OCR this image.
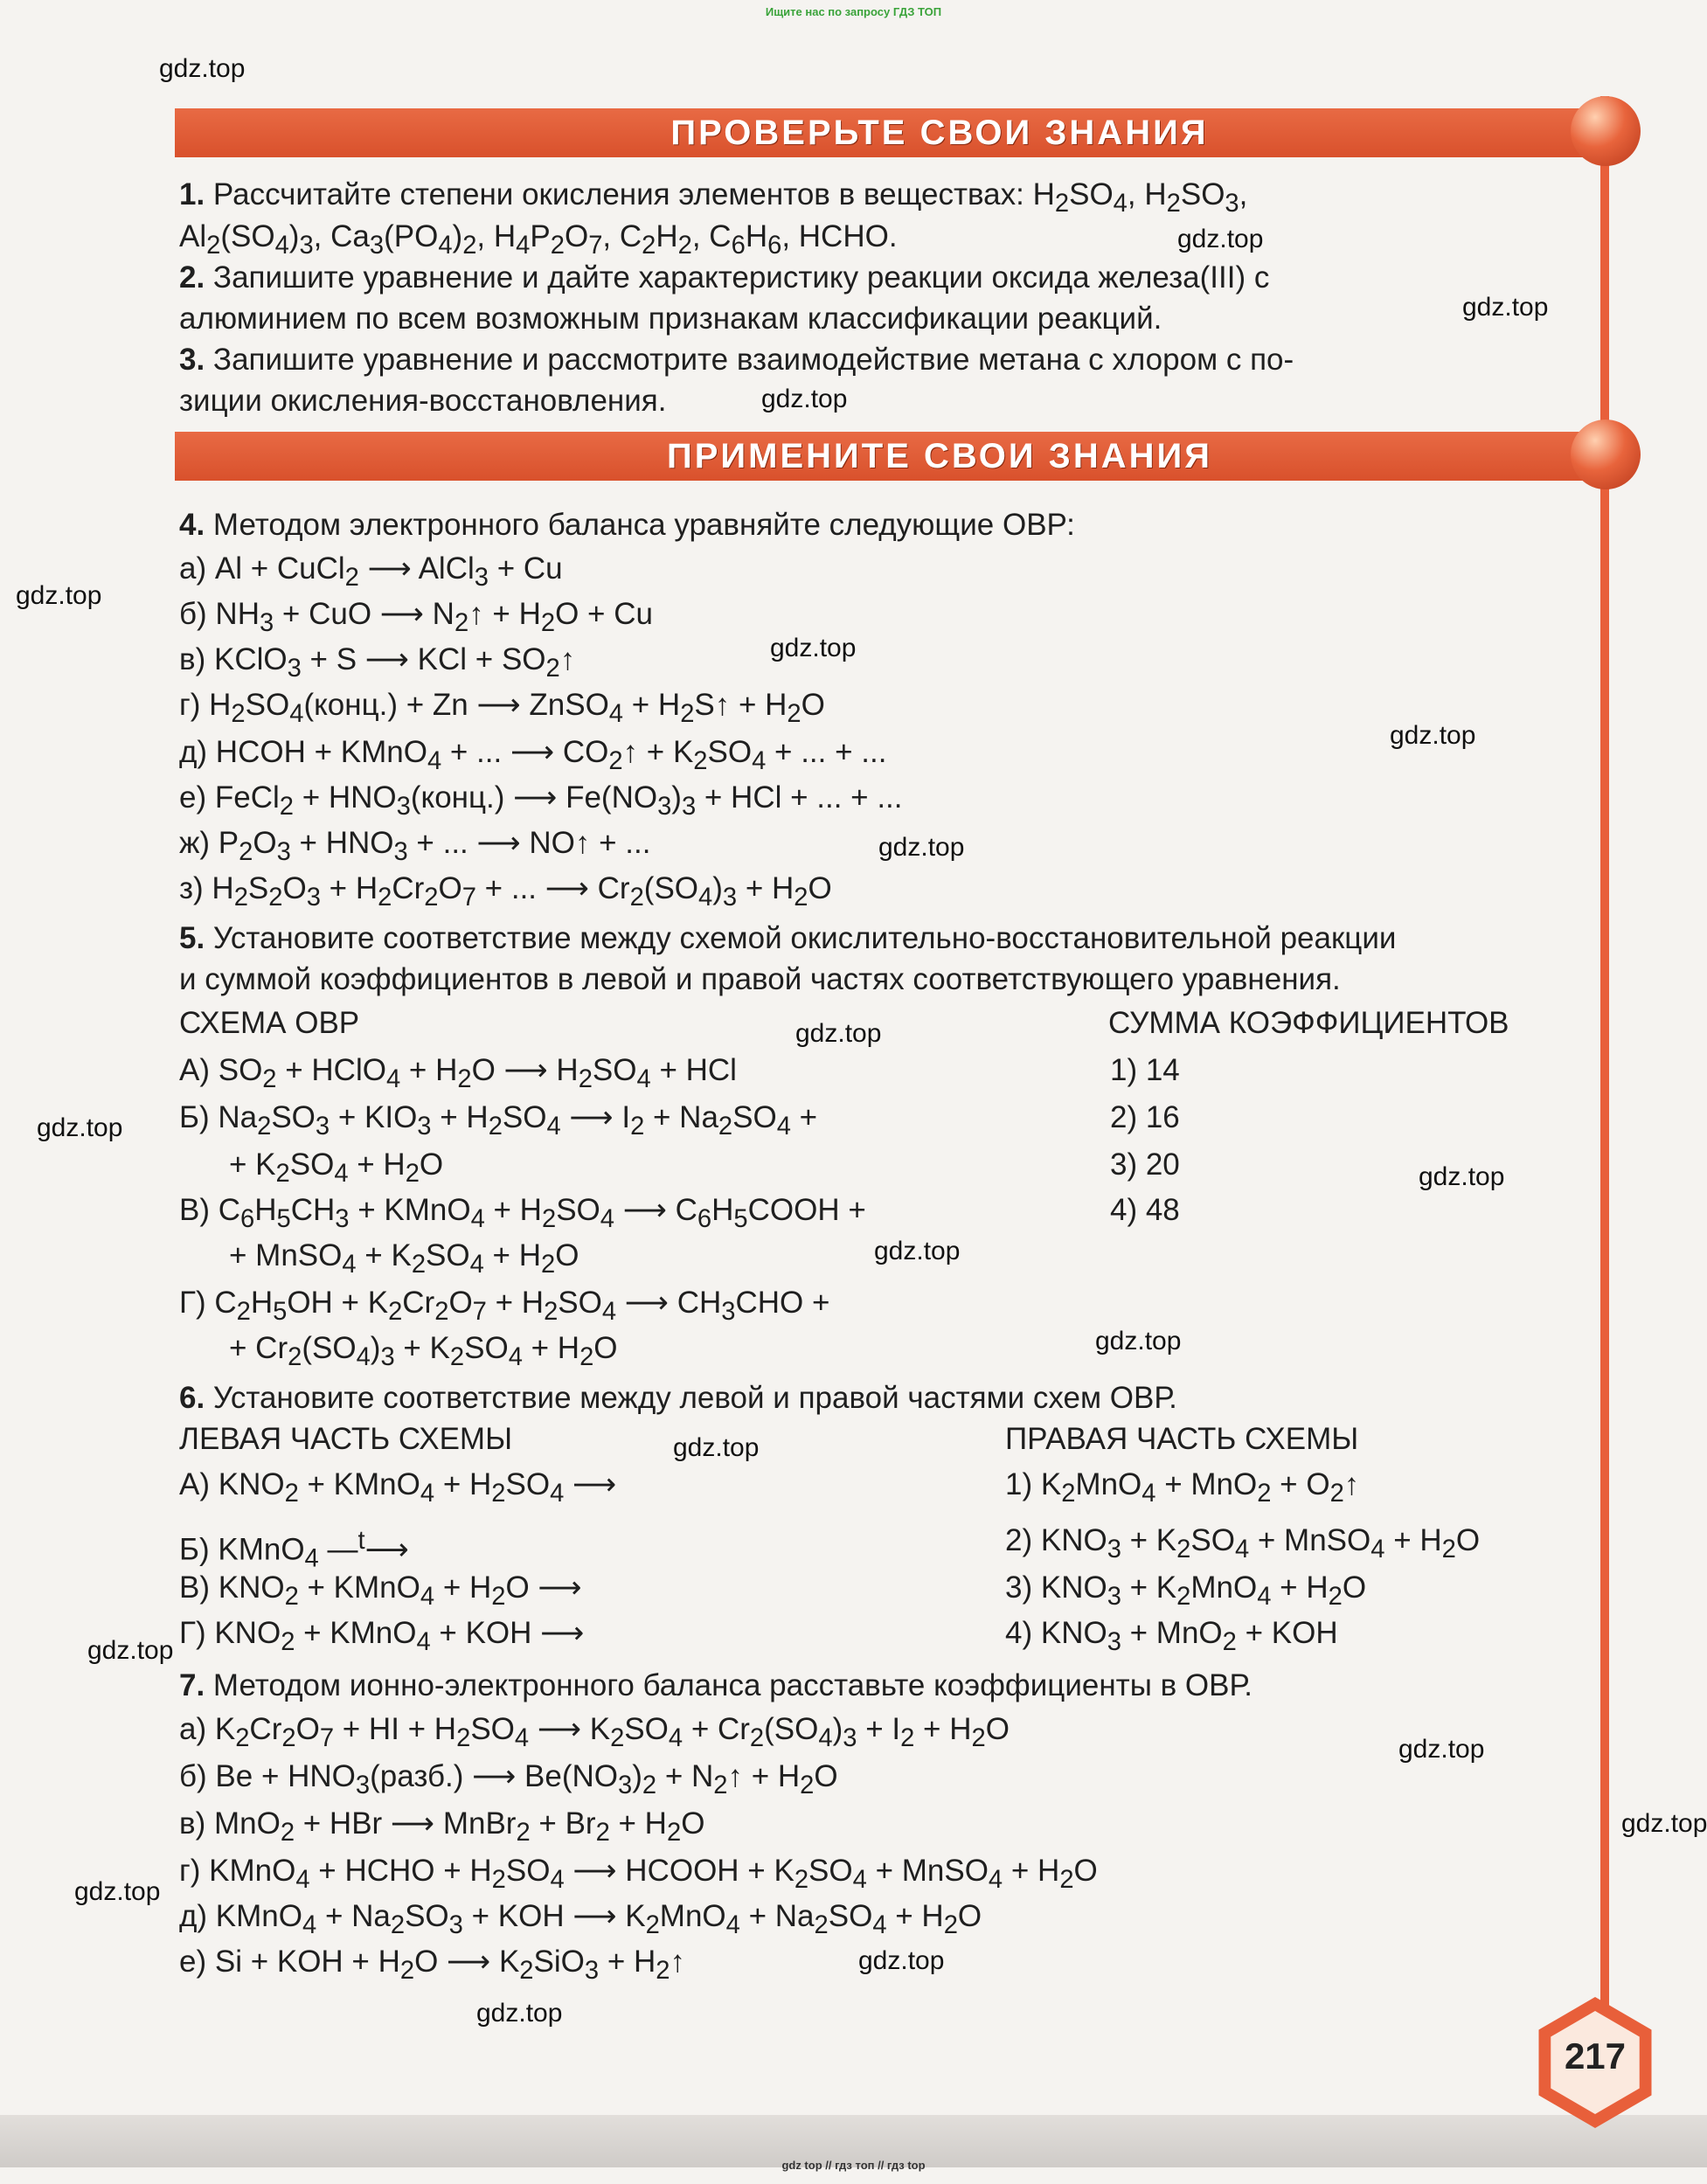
Ищите нас по запросу ГДЗ ТОП
ПРОВЕРЬТЕ СВОИ ЗНАНИЯ
ПРИМЕНИТЕ СВОИ ЗНАНИЯ
1. Рассчитайте степени окисления элементов в веществах: $H_2SO_4$, $H_2SO_3$,
$Al_2(SO_4)_3$, $Ca_3(PO_4)_2$, $H_4P_2O_7$, $C_2H_2$, $C_6H_6$, HCHO.
2. Запишите уравнение и дайте характеристику реакции оксида железа(III) с
алюминием по всем возможным признакам классификации реакций.
3. Запишите уравнение и рассмотрите взаимодействие метана с хлором с по-
зиции окисления-восстановления.
4. Методом электронного баланса уравняйте следующие ОВР:
а) Al + CuCl$_2$ ⟶ AlCl$_3$ + Cu
б) $NH_3$ + CuO ⟶ $N_2↑ + H_2O + Cu$
в) KClO$_3$ + S ⟶ KCl + $SO_2↑$
г) $H_2SO_4(конц.) + Zn$ ⟶ ZnSO$_4$ + $H_2S↑ + H_2O$
д) HCOH + KMnO$_4$ + ... ⟶ $CO_2↑ + K_2SO_4$ + ... + ...
е) FeCl$_2$ + $HNO_3(конц.)$ ⟶ $Fe(NO_3)_3$ + HCl + ... + ...
ж) $P_2O_3 + HNO_3$ + ... ⟶ NO↑ + ...
з) $H_2S_2O_3 + H_2Cr_2O_7$ + ... ⟶ $Cr_2(SO_4)_3 + H_2O$
5. Установите соответствие между схемой окислительно-восстановительной реакции
и суммой коэффициентов в левой и правой частях соответствующего уравнения.
СХЕМА ОВР	СУММА КОЭФФИЦИЕНТОВ
А) $SO_2$ + HClO$_4$ + $H_2O$ ⟶ $H_2SO_4$ + HCl
Б) $Na_2SO_3 + KIO_3 + H_2SO_4$ ⟶ $I_2 + Na_2SO_4$ +
+ $K_2SO_4 + H_2O$
В) $C_6H_5CH_3$ + KMnO$_4$ + $H_2SO_4$ ⟶ $C_6H_5COOH$ +
+ MnSO$_4$ + $K_2SO_4 + H_2O$
Г) $C_2H_5OH + K_2Cr_2O_7 + H_2SO_4$ ⟶ $CH_3CHO$ +
+ $Cr_2(SO_4)_3 + K_2SO_4 + H_2O$
1) 14
2) 16
3) 20
4) 48
6. Установите соответствие между левой и правой частями схем ОВР.
ЛЕВАЯ ЧАСТЬ СХЕМЫ	ПРАВАЯ ЧАСТЬ СХЕМЫ
А) $KNO_2$ + KMnO$_4$ + $H_2SO_4$ ⟶
Б) KMnO$_4$ —$^t$⟶
В) $KNO_2$ + KMnO$_4$ + $H_2O$ ⟶
Г) $KNO_2$ + KMnO$_4$ + KOH ⟶
1) $K_2MnO_4 + MnO_2$ + $O_2↑$
2) $KNO_3 + K_2SO_4$ + MnSO$_4$ + $H_2O$
3) $KNO_3 + K_2MnO_4 + H_2O$
4) $KNO_3 + MnO_2$ + KOH
7. Методом ионно-электронного баланса расставьте коэффициенты в ОВР.
а) $K_2Cr_2O_7$ + HI + $H_2SO_4$ ⟶ $K_2SO_4 + Cr_2(SO_4)_3 + I_2 + H_2O$
б) $Be + HNO_3(разб.)$ ⟶ $Be(NO_3)_2$ + $N_2↑ + H_2O$
в) MnO$_2$ + HBr ⟶ MnBr$_2$ + $Br_2 + H_2O$
г) KMnO$_4$ + HCHO + $H_2SO_4$ ⟶ HCOOH + $K_2SO_4$ + MnSO$_4$ + $H_2O$
д) KMnO$_4$ + $Na_2SO_3$ + KOH ⟶ $K_2MnO_4 + Na_2SO_4 + H_2O$
е) Si + KOH + $H_2O$ ⟶ $K_2SiO_3$ + $H_2↑$
gdz.top
gdz.top
gdz.top
gdz.top
gdz.top
gdz.top
gdz.top
gdz.top
gdz.top
gdz.top
gdz.top
gdz.top
gdz.top
gdz.top
gdz.top
gdz.top
gdz.top
gdz.top
gdz.top
gdz.top
217
gdz top // гдз топ // гдз top
